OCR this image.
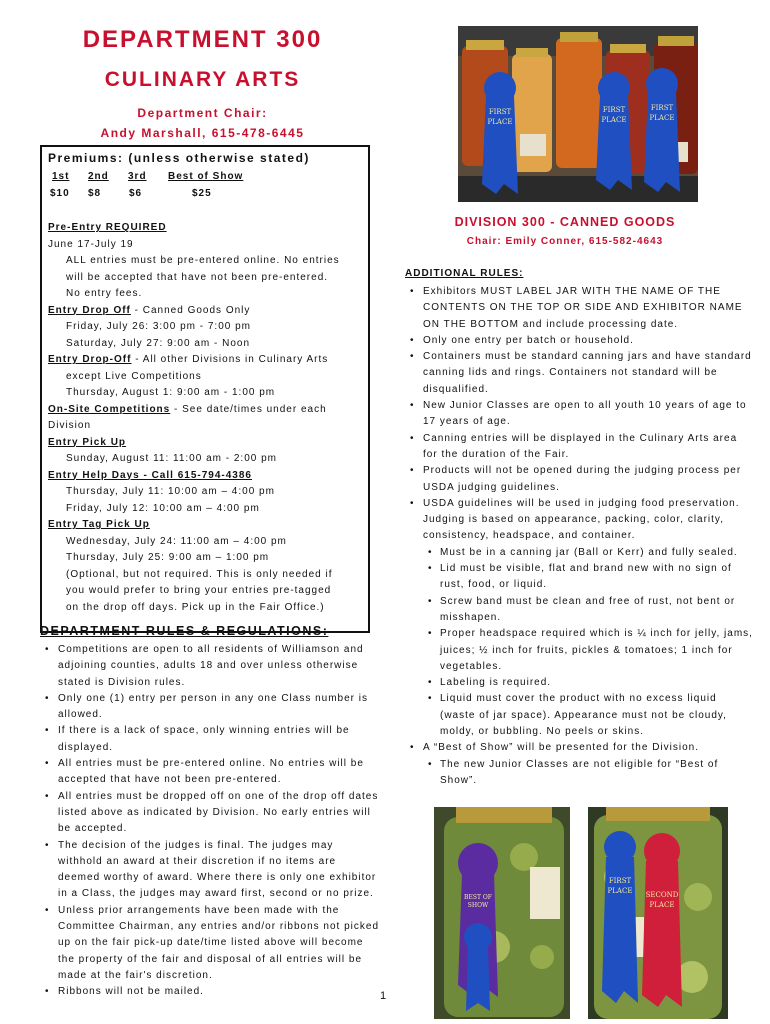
DEPARTMENT 300
CULINARY ARTS
Department Chair:
Andy Marshall, 615-478-6445
Premiums: (unless otherwise stated)
1st 2nd 3rd Best of Show
$10 $8	$6	$25
Pre-Entry REQUIRED
June 17-July 19
ALL entries must be pre-entered online. No entries
will be accepted that have not been pre-entered.
No entry fees.
Entry Drop Off - Canned Goods Only
Friday, July 26: 3:00 pm - 7:00 pm
Saturday, July 27: 9:00 am - Noon
Entry Drop-Off - All other Divisions in Culinary Arts
except Live Competitions
Thursday, August 1: 9:00 am - 1:00 pm
On-Site Competitions - See date/times under each
Division
Entry Pick Up
Sunday, August 11: 11:00 am - 2:00 pm
Entry Help Days - Call 615-794-4386
Thursday, July 11: 10:00 am – 4:00 pm
Friday, July 12: 10:00 am – 4:00 pm
Entry Tag Pick Up
Wednesday, July 24: 11:00 am – 4:00 pm
Thursday, July 25: 9:00 am – 1:00 pm
(Optional, but not required. This is only needed if
you would prefer to bring your entries pre-tagged
on the drop off days. Pick up in the Fair Office.)
DEPARTMENT RULES & REGULATIONS:
• Competitions are open to all residents of Williamson and adjoining counties, adults 18 and over unless otherwise stated is Division rules.
• Only one (1) entry per person in any one Class number is allowed.
• If there is a lack of space, only winning entries will be displayed.
• All entries must be pre-entered online. No entries will be accepted that have not been pre-entered.
• All entries must be dropped off on one of the drop off dates listed above as indicated by Division. No early entries will be accepted.
• The decision of the judges is final. The judges may withhold an award at their discretion if no items are deemed worthy of award. Where there is only one exhibitor in a Class, the judges may award first, second or no prize.
• Unless prior arrangements have been made with the Committee Chairman, any entries and/or ribbons not picked up on the fair pick-up date/time listed above will become the property of the fair and disposal of all entries will be made at the fair's discretion.
• Ribbons will not be mailed.	1
FIRST
PLACE
FIRST
PLACE
FIRST
PLACE
DIVISION 300 - CANNED GOODS
Chair: Emily Conner, 615-582-4643
ADDITIONAL RULES:
• Exhibitors MUST LABEL JAR WITH THE NAME OF THE CONTENTS ON THE TOP OR SIDE AND EXHIBITOR NAME ON THE BOTTOM and include processing date.
• Only one entry per batch or household.
• Containers must be standard canning jars and have standard canning lids and rings. Containers not standard will be disqualified.
• New Junior Classes are open to all youth 10 years of age to 17 years of age.
• Canning entries will be displayed in the Culinary Arts area for the duration of the Fair.
• Products will not be opened during the judging process per USDA judging guidelines.
• USDA guidelines will be used in judging food preservation. Judging is based on appearance, packing, color, clarity, consistency, headspace, and container.
• Must be in a canning jar (Ball or Kerr) and fully sealed.
• Lid must be visible, flat and brand new with no sign of rust, food, or liquid.
• Screw band must be clean and free of rust, not bent or misshapen.
• Proper headspace required which is ¼ inch for jelly, jams, juices; ½ inch for fruits, pickles & tomatoes; 1 inch for vegetables.
• Labeling is required.
• Liquid must cover the product with no excess liquid (waste of jar space). Appearance must not be cloudy, moldy, or bubbling. No peels or skins.
• A “Best of Show” will be presented for the Division.
• The new Junior Classes are not eligible for “Best of Show”.
BEST OF
SHOW
FIRST
PLACE SECOND
PLACE
